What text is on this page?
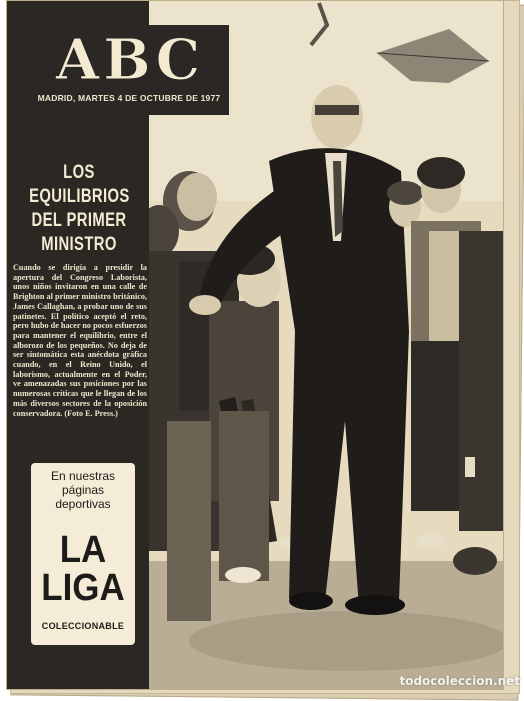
LOS
EQUILIBRIOS
DEL PRIMER
MINISTRO
Cuando se dirigía a presidir la apertura del Congreso Laborista, unos niños invitaron en una calle de Brighton al primer ministro británico, James Callaghan, a probar uno de sus patinetes. El político aceptó el reto, pero hubo de hacer no pocos esfuerzos para mantener el equilibrio, entre el alborozo de los pequeños. No deja de ser sintomática esta anécdota gráfica cuando, en el Reino Unido, el laborismo, actualmente en el Poder, ve amenazadas sus posiciones por las numerosas críticas que le llegan de los más diversos sectores de la oposición conservadora. (Foto E. Press.)
En nuestras
páginas
deportivas
LA
LIGA
COLECCIONABLE
ABC
MADRID, MARTES 4 DE OCTUBRE DE 1977
todocoleccion.net
